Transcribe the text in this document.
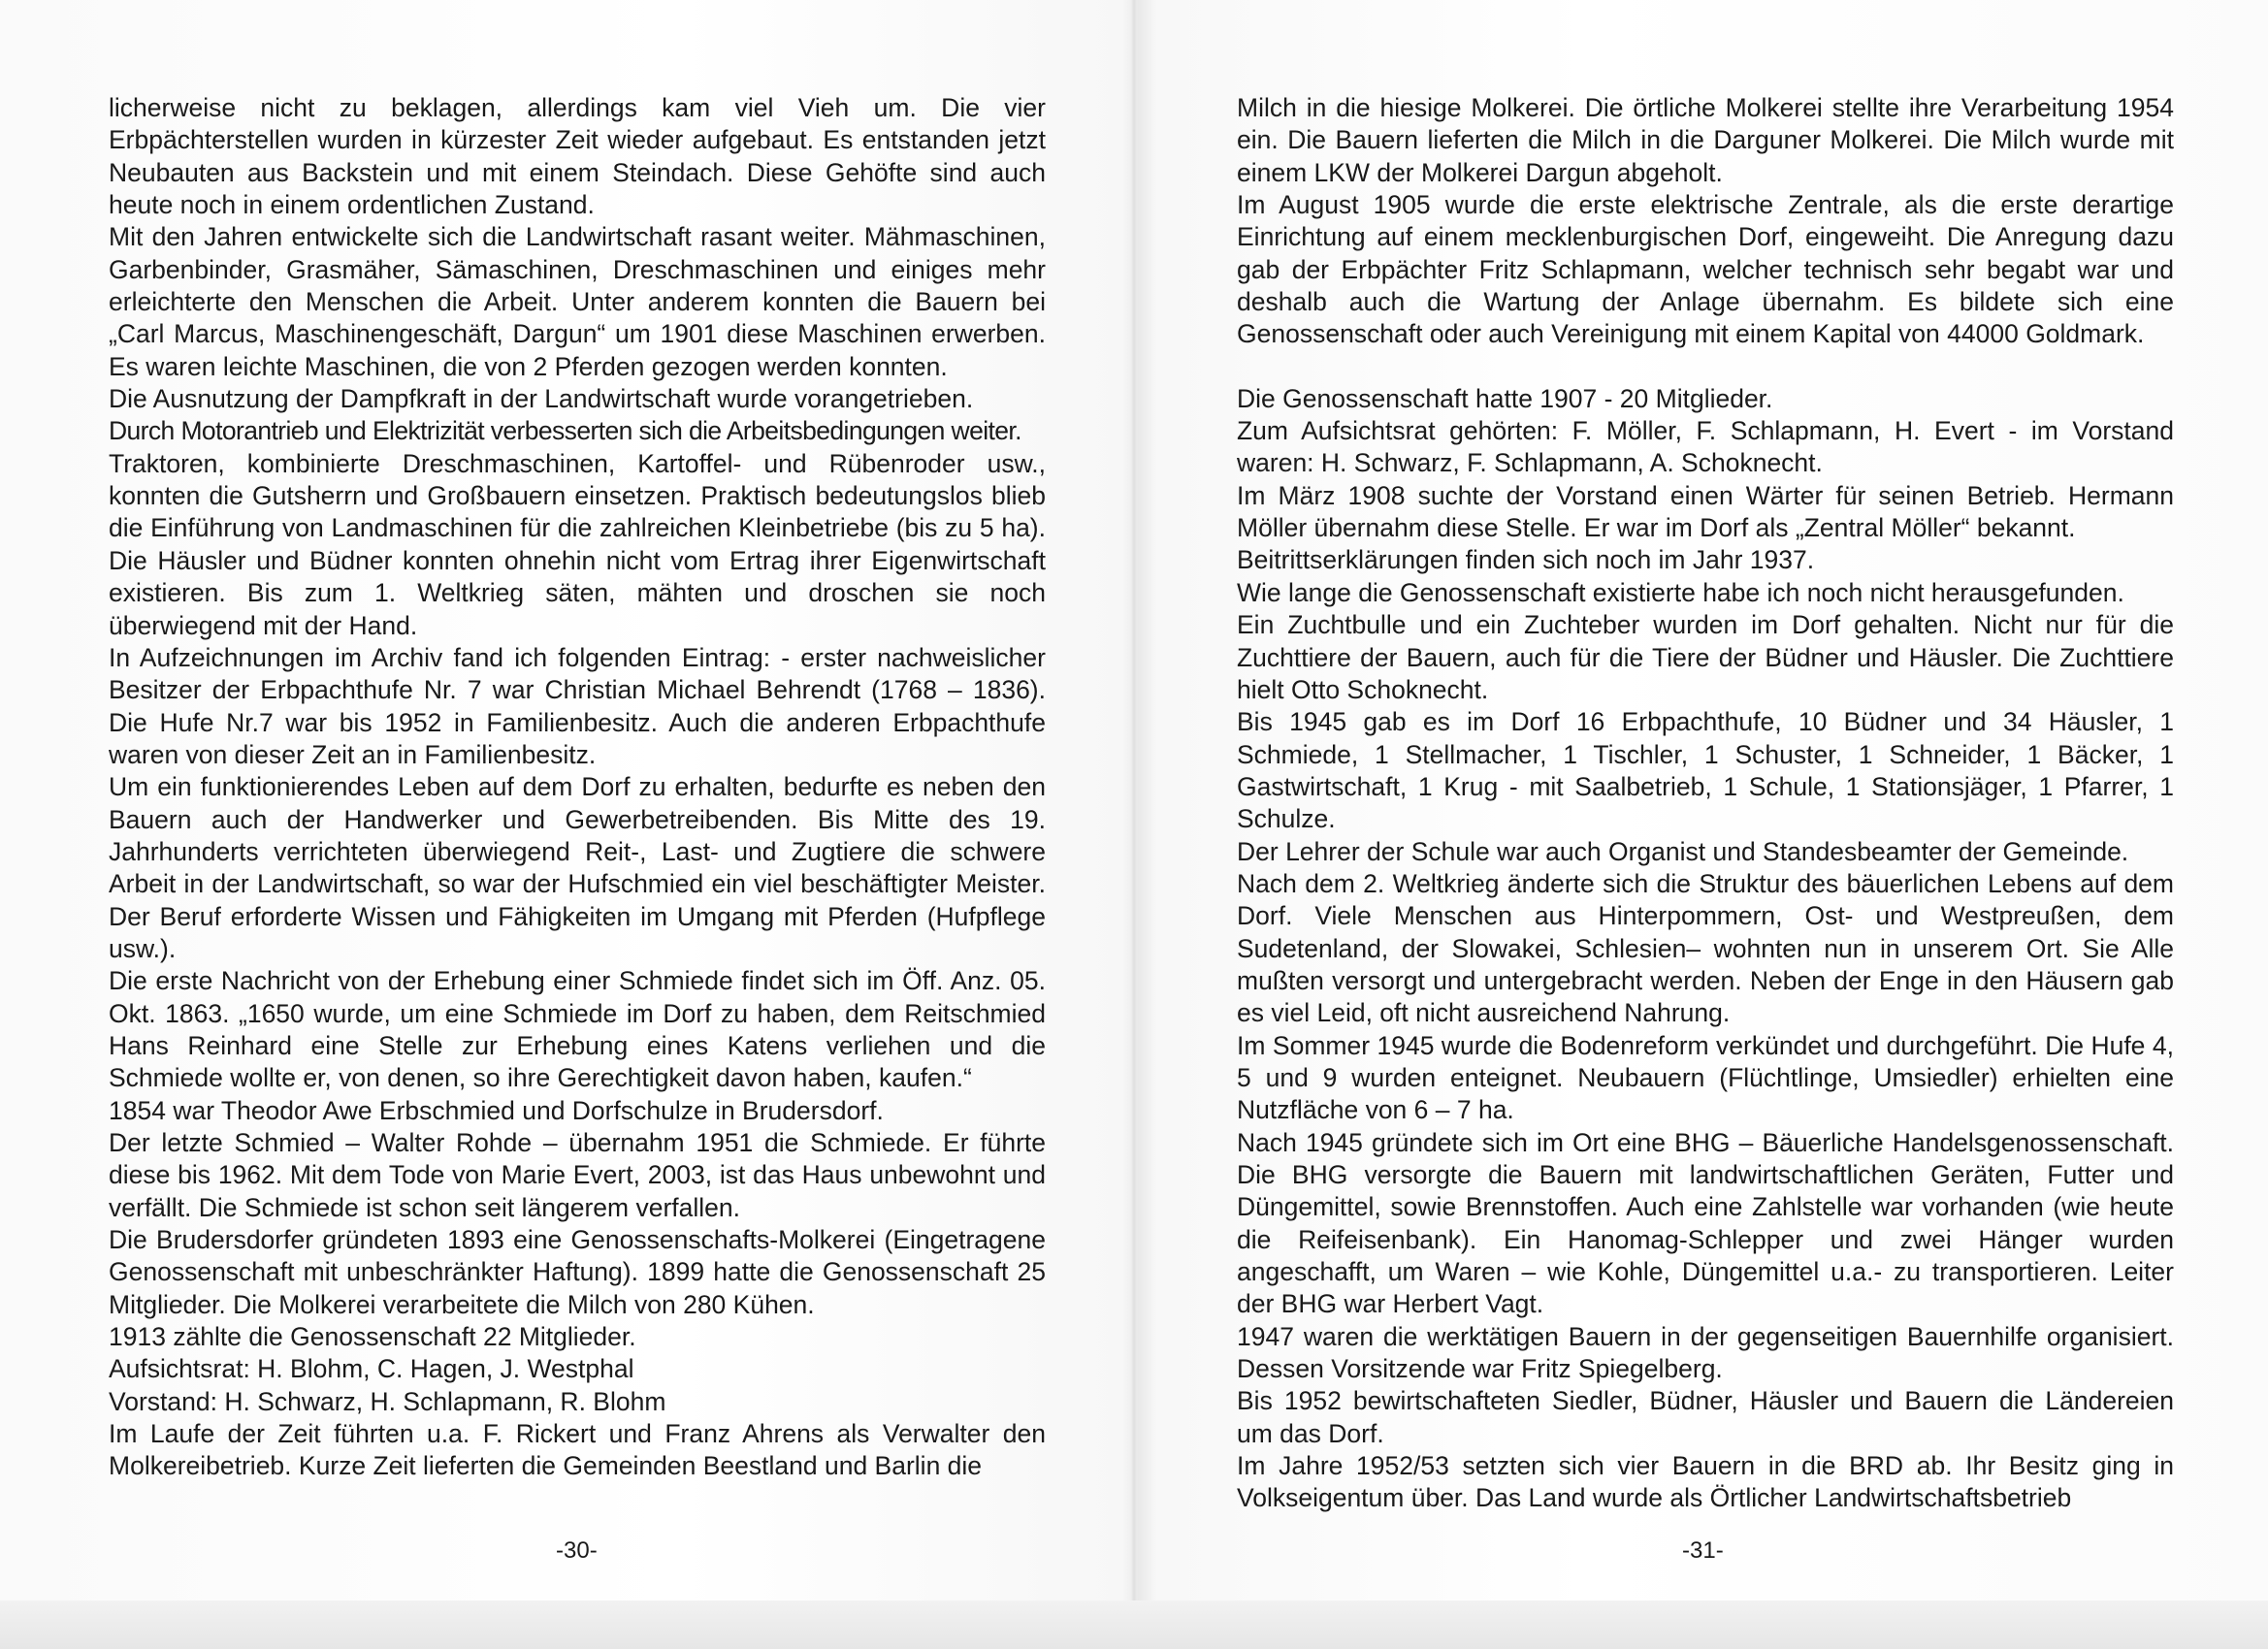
licherweise nicht zu beklagen, allerdings kam viel Vieh um. Die vier Erbpächterstellen wurden in kürzester Zeit wieder aufgebaut. Es entstanden jetzt Neubauten aus Backstein und mit einem Steindach. Diese Gehöfte sind auch heute noch in einem ordentlichen Zustand.

Mit den Jahren entwickelte sich die Landwirtschaft rasant weiter. Mähmaschinen, Garbenbinder, Grasmäher, Sämaschinen, Dreschmaschinen und einiges mehr erleichterte den Menschen die Arbeit. Unter anderem konnten die Bauern bei „Carl Marcus, Maschinengeschäft, Dargun“ um 1901 diese Maschinen erwerben. Es waren leichte Maschinen, die von 2 Pferden gezogen werden konnten.

Die Ausnutzung der Dampfkraft in der Landwirtschaft wurde vorangetrieben.

Durch Motorantrieb und Elektrizität verbesserten sich die Arbeitsbedingungen weiter.

Traktoren, kombinierte Dreschmaschinen, Kartoffel- und Rübenroder usw., konnten die Gutsherrn und Großbauern einsetzen. Praktisch bedeutungslos blieb die Einführung von Landmaschinen für die zahlreichen Kleinbetriebe (bis zu 5 ha). Die Häusler und Büdner konnten ohnehin nicht vom Ertrag ihrer Eigenwirtschaft existieren. Bis zum 1. Weltkrieg säten, mähten und droschen sie noch überwiegend mit der Hand.

In Aufzeichnungen im Archiv fand ich folgenden Eintrag: - erster nachweislicher Besitzer der Erbpachthufe Nr. 7 war Christian Michael Behrendt (1768 – 1836). Die Hufe Nr.7 war bis 1952 in Familienbesitz. Auch die anderen Erbpachthufe waren von dieser Zeit an in Familienbesitz.

Um ein funktionierendes Leben auf dem Dorf zu erhalten, bedurfte es neben den Bauern auch der Handwerker und Gewerbetreibenden. Bis Mitte des 19. Jahrhunderts verrichteten überwiegend Reit-, Last- und Zugtiere die schwere Arbeit in der Landwirtschaft, so war der Hufschmied ein viel beschäftigter Meister. Der Beruf erforderte Wissen und Fähigkeiten im Umgang mit Pferden (Hufpflege usw.).

Die erste Nachricht von der Erhebung einer Schmiede findet sich im Öff. Anz. 05. Okt. 1863. „1650 wurde, um eine Schmiede im Dorf zu haben, dem Reitschmied Hans Reinhard eine Stelle zur Erhebung eines Katens verliehen und die Schmiede wollte er, von denen, so ihre Gerechtigkeit davon haben, kaufen.“

1854 war Theodor Awe Erbschmied und Dorfschulze in Brudersdorf.

Der letzte Schmied – Walter Rohde – übernahm 1951 die Schmiede. Er führte diese bis 1962. Mit dem Tode von Marie Evert, 2003, ist das Haus unbewohnt und verfällt. Die Schmiede ist schon seit längerem verfallen.

Die Brudersdorfer gründeten 1893 eine Genossenschafts-Molkerei (Eingetragene Genossenschaft mit unbeschränkter Haftung). 1899 hatte die Genossenschaft 25 Mitglieder. Die Molkerei verarbeitete die Milch von 280 Kühen.

1913 zählte die Genossenschaft 22 Mitglieder.

Aufsichtsrat: H. Blohm, C. Hagen, J. Westphal

Vorstand: H. Schwarz, H. Schlapmann, R. Blohm

Im Laufe der Zeit führten u.a. F. Rickert und Franz Ahrens als Verwalter den Molkereibetrieb. Kurze Zeit lieferten die Gemeinden Beestland und Barlin die

Milch in die hiesige Molkerei. Die örtliche Molkerei stellte ihre Verarbeitung 1954 ein. Die Bauern lieferten die Milch in die Darguner Molkerei. Die Milch wurde mit einem LKW der Molkerei Dargun abgeholt.

Im August 1905 wurde die erste elektrische Zentrale, als die erste derartige Einrichtung auf einem mecklenburgischen Dorf, eingeweiht. Die Anregung dazu gab der Erbpächter Fritz Schlapmann, welcher technisch sehr begabt war und deshalb auch die Wartung der Anlage übernahm. Es bildete sich eine Genossenschaft oder auch Vereinigung mit einem Kapital von 44000 Goldmark.

Die Genossenschaft hatte 1907 - 20 Mitglieder.

Zum Aufsichtsrat gehörten: F. Möller, F. Schlapmann, H. Evert - im Vorstand waren: H. Schwarz, F. Schlapmann, A. Schoknecht.

Im März 1908 suchte der Vorstand einen Wärter für seinen Betrieb. Hermann Möller übernahm diese Stelle. Er war im Dorf als „Zentral Möller“ bekannt.

Beitrittserklärungen finden sich noch im Jahr 1937.

Wie lange die Genossenschaft existierte habe ich noch nicht herausgefunden.

Ein Zuchtbulle und ein Zuchteber wurden im Dorf gehalten. Nicht nur für die Zuchttiere der Bauern, auch für die Tiere der Büdner und Häusler. Die Zuchttiere hielt Otto Schoknecht.

Bis 1945 gab es im Dorf 16 Erbpachthufe, 10 Büdner und 34 Häusler, 1 Schmiede, 1 Stellmacher, 1 Tischler, 1 Schuster, 1 Schneider, 1 Bäcker, 1 Gastwirtschaft, 1 Krug - mit Saalbetrieb, 1 Schule, 1 Stationsjäger, 1 Pfarrer, 1 Schulze.

Der Lehrer der Schule war auch Organist und Standesbeamter der Gemeinde.

Nach dem 2. Weltkrieg änderte sich die Struktur des bäuerlichen Lebens auf dem Dorf. Viele Menschen aus Hinterpommern, Ost- und Westpreußen, dem Sudetenland, der Slowakei, Schlesien– wohnten nun in unserem Ort. Sie Alle mußten versorgt und untergebracht werden. Neben der Enge in den Häusern gab es viel Leid, oft nicht ausreichend Nahrung.

Im Sommer 1945 wurde die Bodenreform verkündet und durchgeführt. Die Hufe 4, 5 und 9 wurden enteignet. Neubauern (Flüchtlinge, Umsiedler) erhielten eine Nutzfläche von 6 – 7 ha.

Nach 1945 gründete sich im Ort eine BHG – Bäuerliche Handelsgenossenschaft. Die BHG versorgte die Bauern mit landwirtschaftlichen Geräten, Futter und Düngemittel, sowie Brennstoffen. Auch eine Zahlstelle war vorhanden (wie heute die Reifeisenbank). Ein Hanomag-Schlepper und zwei Hänger wurden angeschafft, um Waren – wie Kohle, Düngemittel u.a.- zu transportieren. Leiter der BHG war Herbert Vagt.

1947 waren die werktätigen Bauern in der gegenseitigen Bauernhilfe organisiert. Dessen Vorsitzende war Fritz Spiegelberg.

Bis 1952 bewirtschafteten Siedler, Büdner, Häusler und Bauern die Ländereien um das Dorf.

Im Jahre 1952/53 setzten sich vier Bauern in die BRD ab. Ihr Besitz ging in Volkseigentum über. Das Land wurde als Örtlicher Landwirtschaftsbetrieb

-30-	-31-
